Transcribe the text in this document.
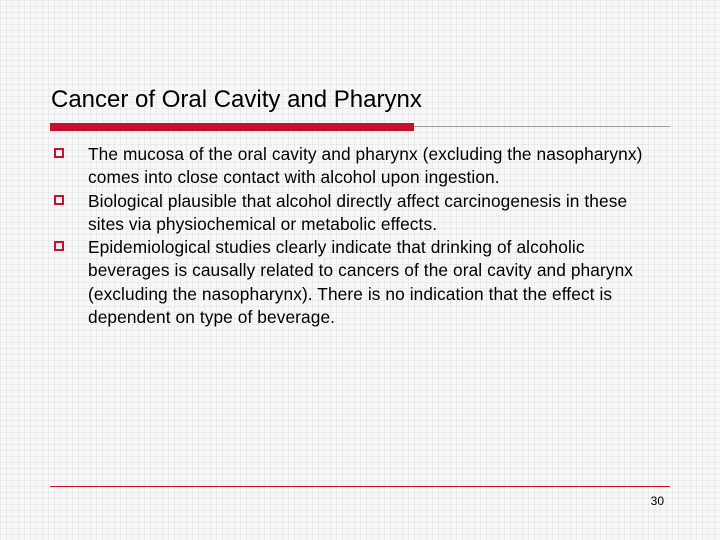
Cancer of Oral Cavity and Pharynx
The mucosa of the oral cavity and pharynx (excluding the nasopharynx) comes into close contact with alcohol upon ingestion.
Biological plausible that alcohol directly affect carcinogenesis in these sites via physiochemical or metabolic effects.
Epidemiological studies clearly indicate that drinking of alcoholic beverages is causally related to cancers of the oral cavity and pharynx (excluding the nasopharynx). There is no indication that the effect is dependent on type of beverage.
30
